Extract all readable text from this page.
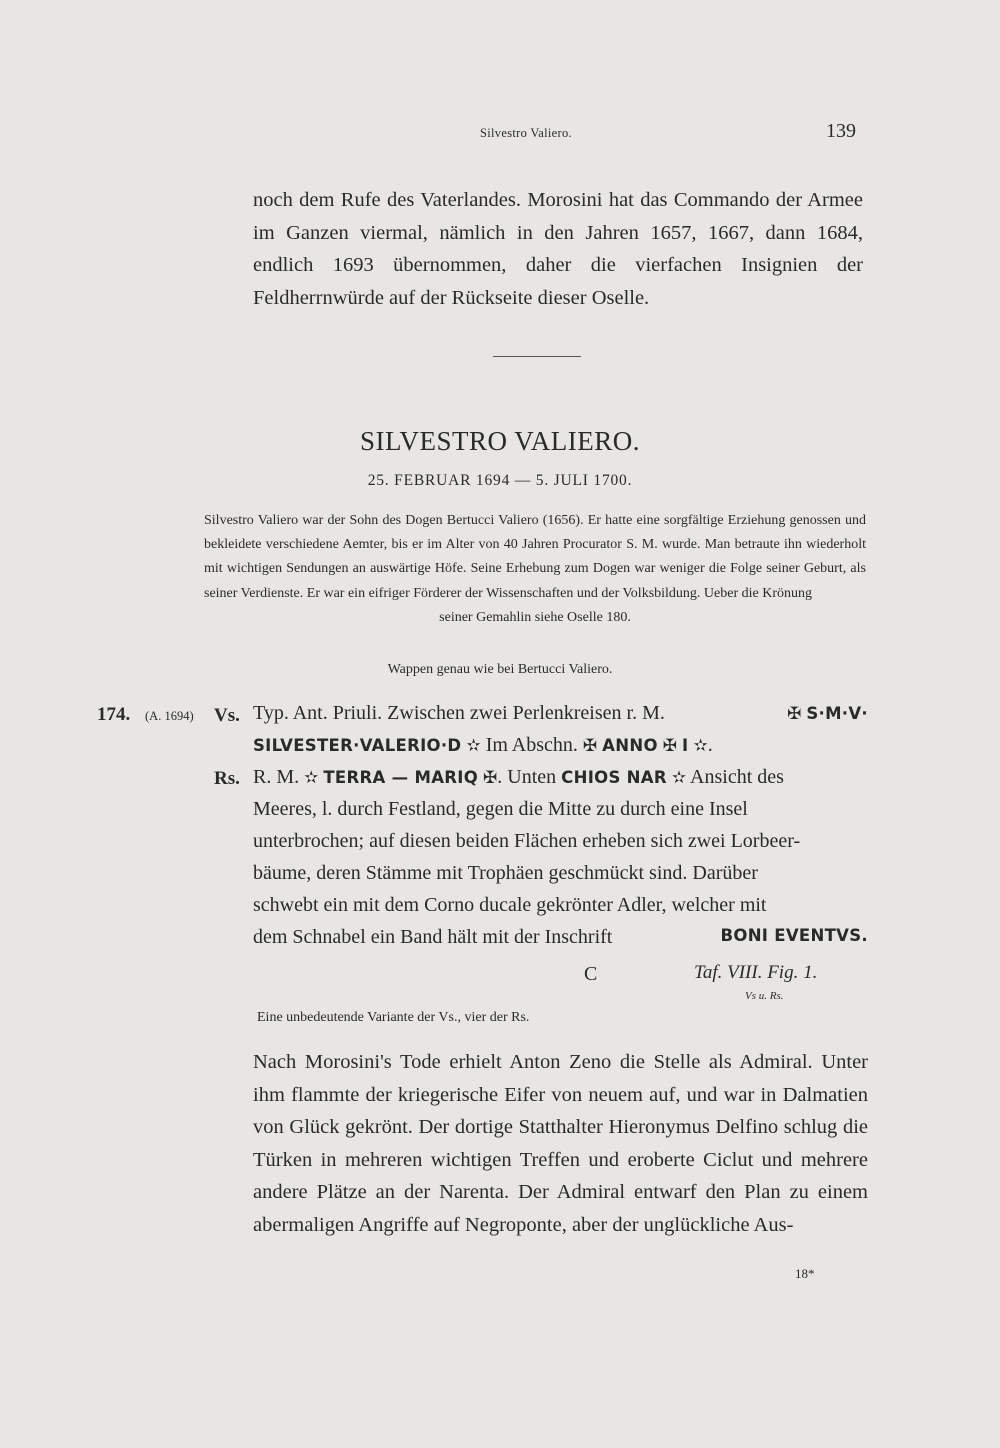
Silvestro Valiero.	139

noch dem Rufe des Vaterlandes. Morosini hat das Commando der Armee im Ganzen viermal, nämlich in den Jahren 1657, 1667, dann 1684, endlich 1693 übernommen, daher die vierfachen Insignien der Feldherrnwürde auf der Rückseite dieser Oselle.

SILVESTRO VALIERO.
25. FEBRUAR 1694 — 5. JULI 1700.

Silvestro Valiero war der Sohn des Dogen Bertucci Valiero (1656). Er hatte eine sorgfältige Erziehung genossen und bekleidete verschiedene Aemter, bis er im Alter von 40 Jahren Procurator S. M. wurde. Man betraute ihn wiederholt mit wichtigen Sendungen an auswärtige Höfe. Seine Erhebung zum Dogen war weniger die Folge seiner Geburt, als seiner Verdienste. Er war ein eifriger Förderer der Wissenschaften und der Volksbildung. Ueber die Krönung
seiner Gemahlin siehe Oselle 180.

Wappen genau wie bei Bertucci Valiero.
174. (A. 1694) Vs. Typ. Ant. Priuli. Zwischen zwei Perlenkreisen r. M.	✠ S·M·V·
SILVESTER·VALERIO·D ✫ Im Abschn. ✠ ANNO ✠ I ✫.
Rs. R. M. ✫ TERRA — MARIQ ✠. Unten CHIOS NAR ✫ Ansicht des
Meeres, l. durch Festland, gegen die Mitte zu durch eine Insel
unterbrochen; auf diesen beiden Flächen erheben sich zwei Lorbeer-
bäume, deren Stämme mit Trophäen geschmückt sind. Darüber
schwebt ein mit dem Corno ducale gekrönter Adler, welcher mit
dem Schnabel ein Band hält mit der Inschrift	BONI EVENTVS.
C	Taf. VIII. Fig. 1.
Vs u. Rs.
Eine unbedeutende Variante der Vs., vier der Rs.

Nach Morosini's Tode erhielt Anton Zeno die Stelle als Admiral. Unter ihm flammte der kriegerische Eifer von neuem auf, und war in Dalmatien von Glück gekrönt. Der dortige Statthalter Hieronymus Delfino schlug die Türken in mehreren wichtigen Treffen und eroberte Ciclut und mehrere andere Plätze an der Narenta. Der Admiral entwarf den Plan zu einem abermaligen Angriffe auf Negroponte, aber der unglückliche Aus-

18*
